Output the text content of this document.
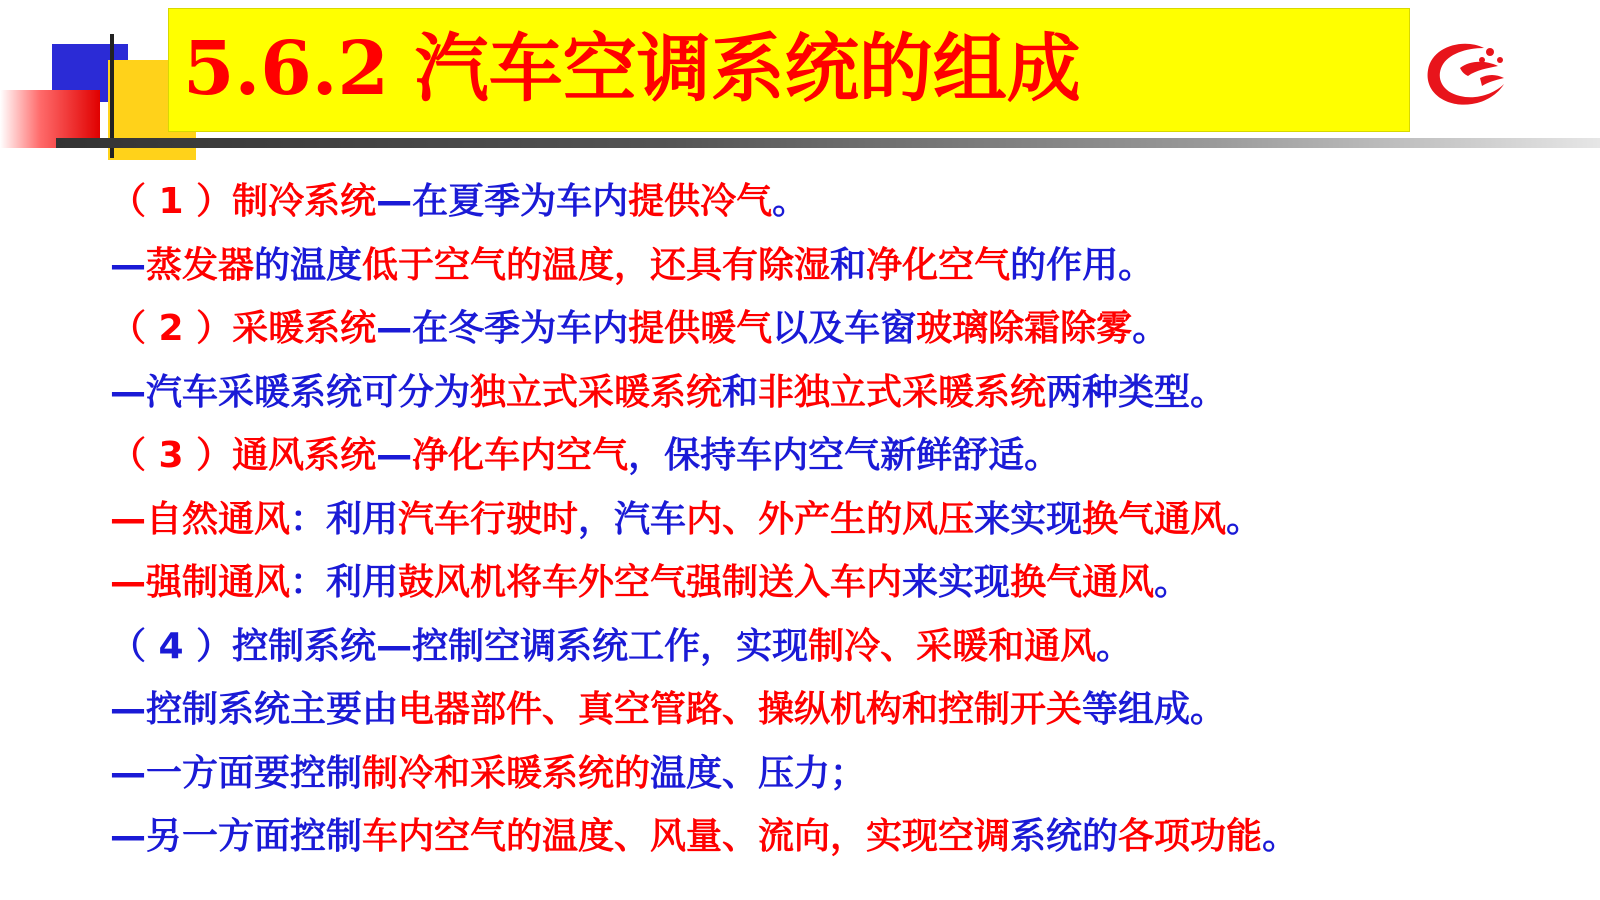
5.6.2 汽车空调系统的组成
（ 1 ）制冷系统—在夏季为车内提供冷气。
—蒸发器的温度低于空气的温度，还具有除湿和净化空气的作用。
（ 2 ）采暖系统—在冬季为车内提供暖气以及车窗玻璃除霜除雾。
—汽车采暖系统可分为独立式采暖系统和非独立式采暖系统两种类型。
（ 3 ）通风系统—净化车内空气，保持车内空气新鲜舒适。
—自然通风：利用汽车行驶时，汽车内、外产生的风压来实现换气通风。
—强制通风：利用鼓风机将车外空气强制送入车内来实现换气通风。
（ 4 ）控制系统—控制空调系统工作，实现制冷、采暖和通风。
—控制系统主要由电器部件、真空管路、操纵机构和控制开关等组成。
—一方面要控制制冷和采暖系统的温度、压力；
—另一方面控制车内空气的温度、风量、流向，实现空调系统的各项功能。
